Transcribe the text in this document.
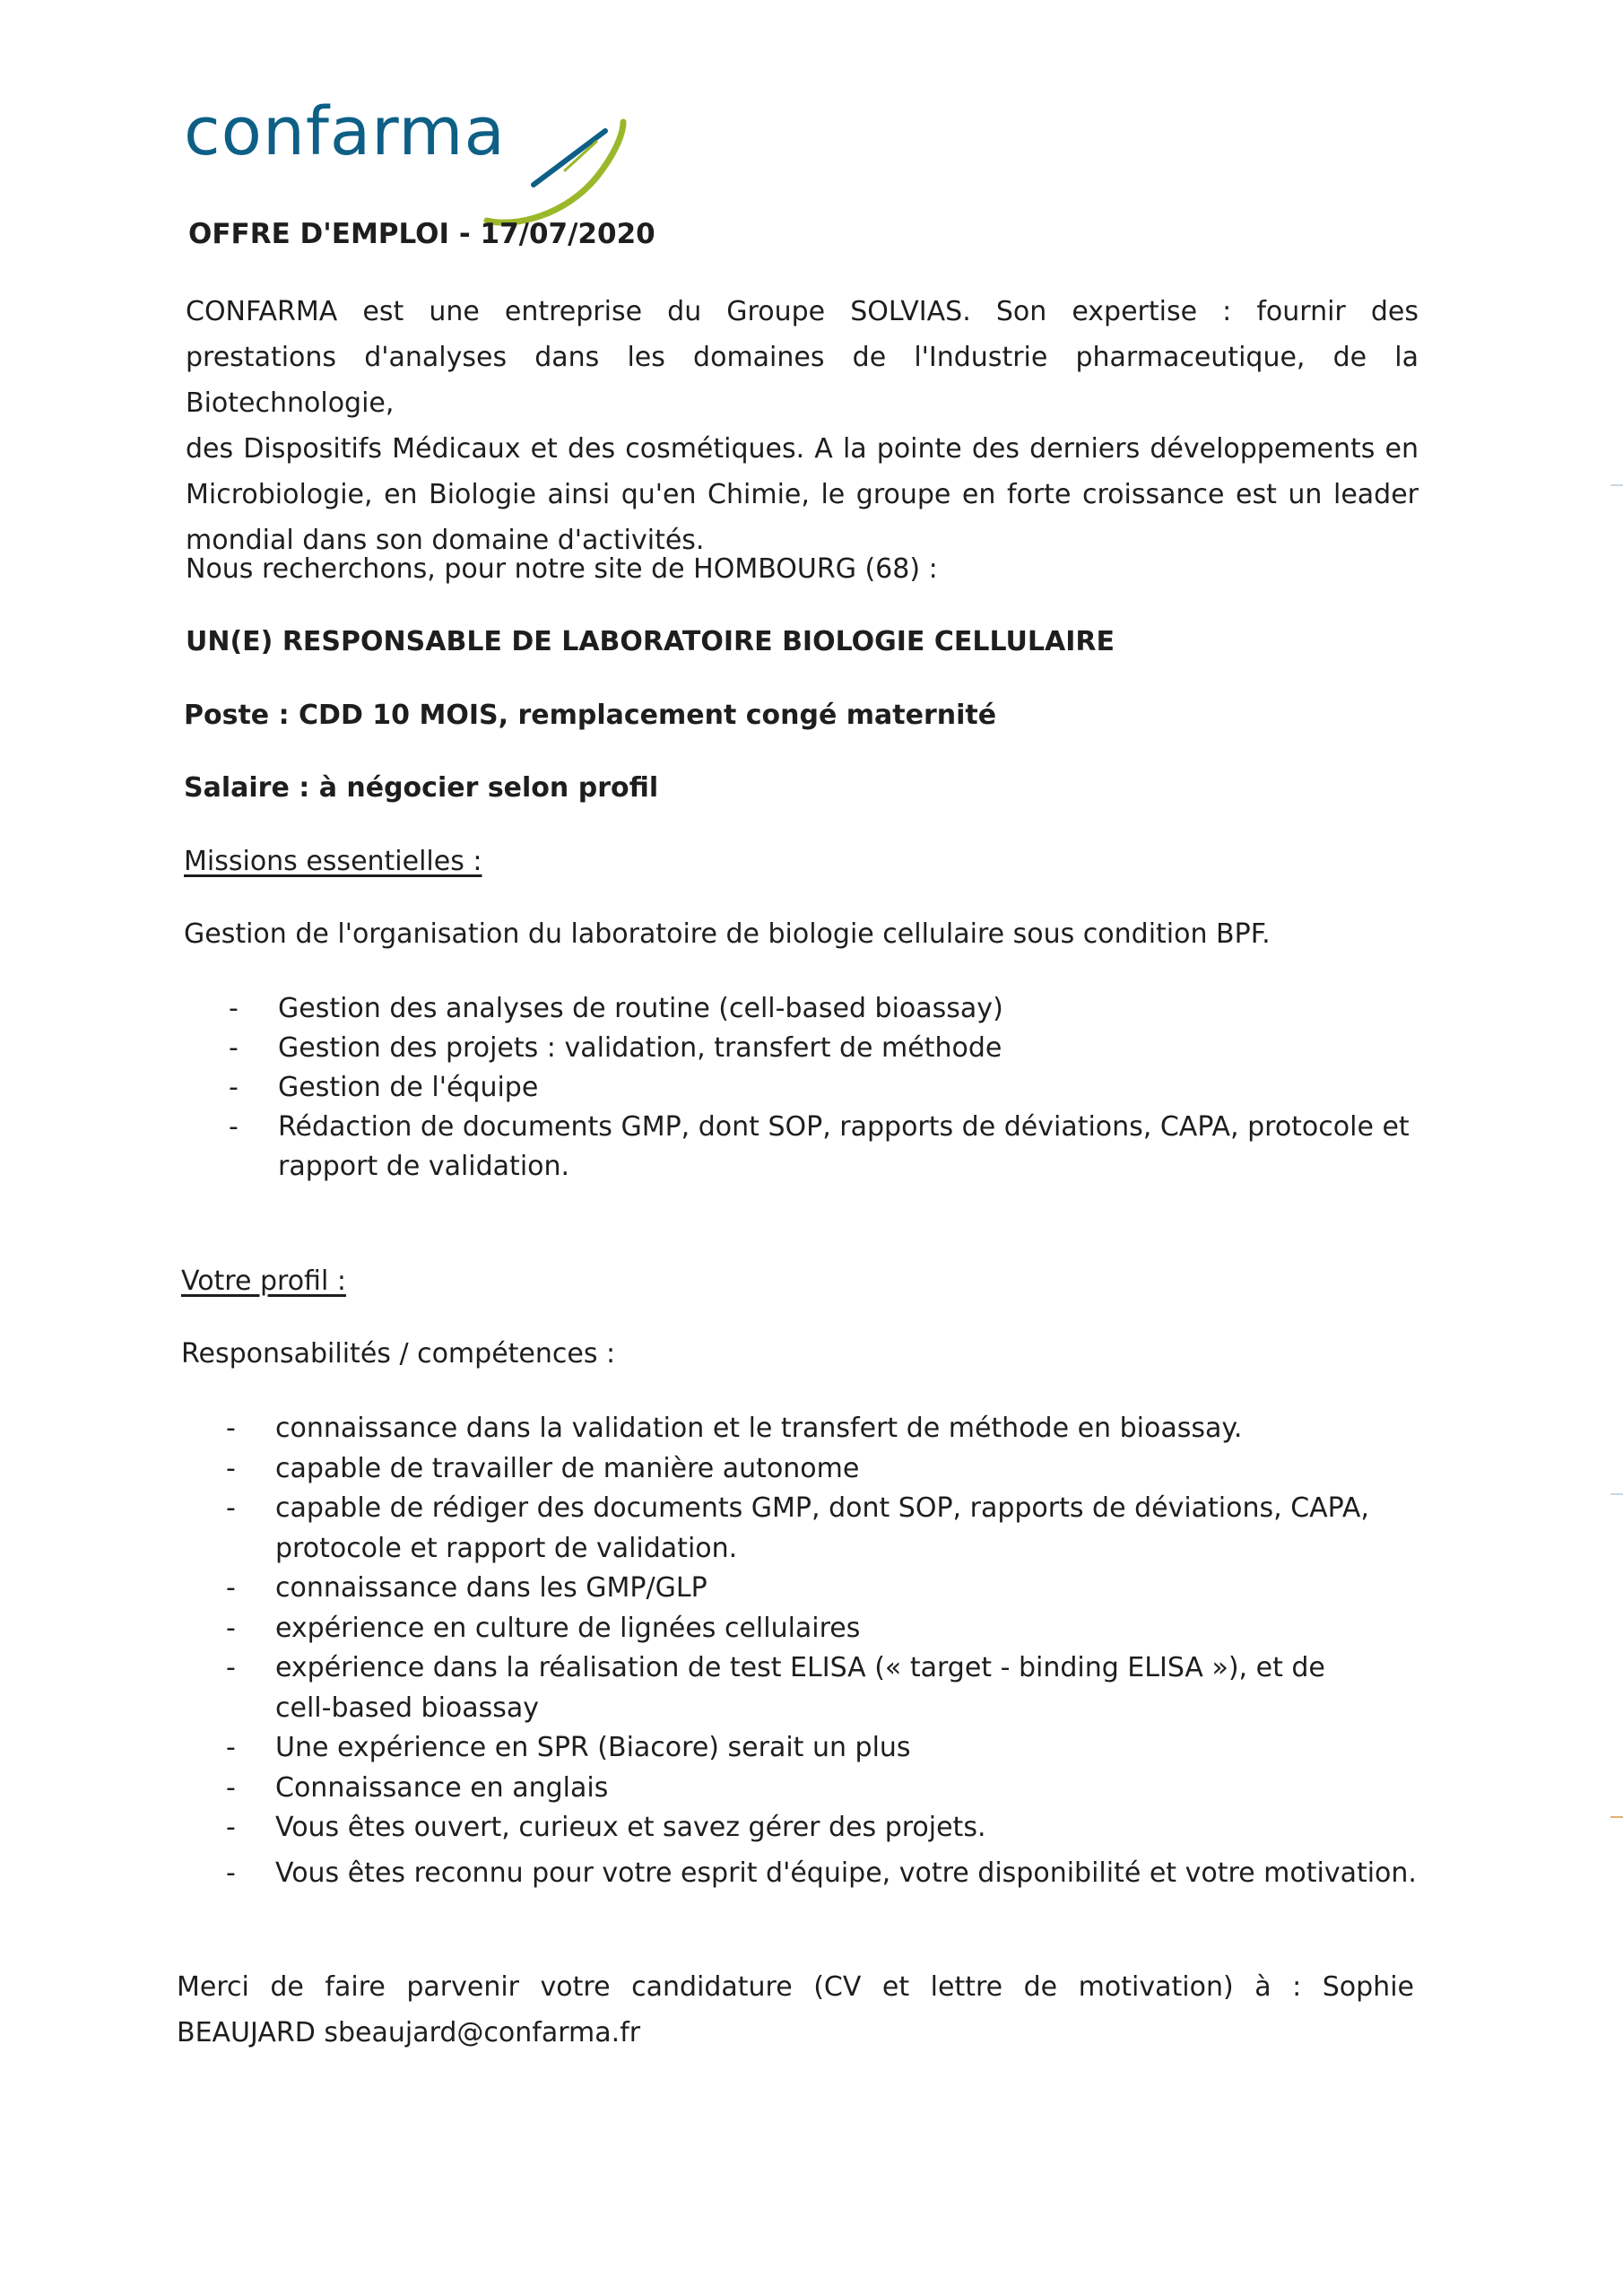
confarma
OFFRE D'EMPLOI - 17/07/2020
CONFARMA est une entreprise du Groupe SOLVIAS. Son expertise : fournir des
prestations d'analyses dans les domaines de l'Industrie pharmaceutique, de la Biotechnologie,
des Dispositifs Médicaux et des cosmétiques. A la pointe des derniers développements en
Microbiologie, en Biologie ainsi qu'en Chimie, le groupe en forte croissance est un leader
mondial dans son domaine d'activités.
Nous recherchons, pour notre site de HOMBOURG (68) :
UN(E) RESPONSABLE DE LABORATOIRE BIOLOGIE CELLULAIRE
Poste : CDD 10 MOIS, remplacement congé maternité
Salaire : à négocier selon profil
Missions essentielles :
Gestion de l'organisation du laboratoire de biologie cellulaire sous condition BPF.
- Gestion des analyses de routine (cell-based bioassay)
- Gestion des projets : validation, transfert de méthode
- Gestion de l'équipe
- Rédaction de documents GMP, dont SOP, rapports de déviations, CAPA, protocole et
rapport de validation.
Votre profil :
Responsabilités / compétences :
- connaissance dans la validation et le transfert de méthode en bioassay.
- capable de travailler de manière autonome
- capable de rédiger des documents GMP, dont SOP, rapports de déviations, CAPA,
protocole et rapport de validation.
- connaissance dans les GMP/GLP
- expérience en culture de lignées cellulaires
- expérience dans la réalisation de test ELISA (« target - binding ELISA »), et de
cell-based bioassay
- Une expérience en SPR (Biacore) serait un plus
- Connaissance en anglais
- Vous êtes ouvert, curieux et savez gérer des projets.
- Vous êtes reconnu pour votre esprit d'équipe, votre disponibilité et votre motivation.
Merci de faire parvenir votre candidature (CV et lettre de motivation) à : Sophie
BEAUJARD sbeaujard@confarma.fr
